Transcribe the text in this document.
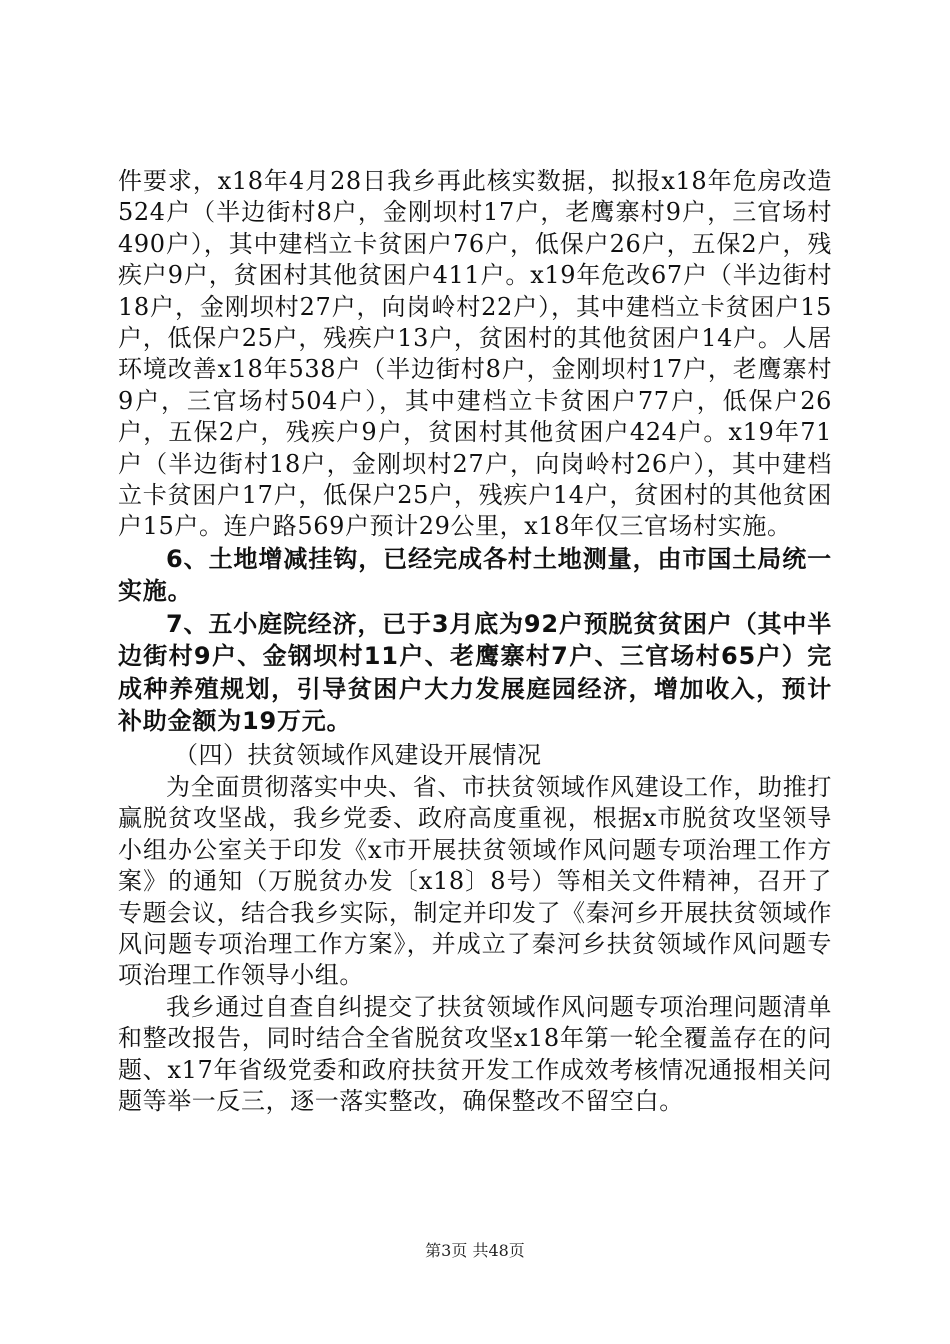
件要求，x18年4月28日我乡再此核实数据，拟报x18年危房改造524户（半边街村8户，金刚坝村17户，老鹰寨村9户，三官场村490户），其中建档立卡贫困户76户，低保户26户，五保2户，残疾户9户，贫困村其他贫困户411户。x19年危改67户（半边街村18户，金刚坝村27户，向岗岭村22户），其中建档立卡贫困户15户，低保户25户，残疾户13户，贫困村的其他贫困户14户。人居环境改善x18年538户（半边街村8户，金刚坝村17户，老鹰寨村9户，三官场村504户），其中建档立卡贫困户77户，低保户26户，五保2户，残疾户9户，贫困村其他贫困户424户。x19年71户（半边街村18户，金刚坝村27户，向岗岭村26户），其中建档立卡贫困户17户，低保户25户，残疾户14户，贫困村的其他贫困户15户。连户路569户预计29公里，x18年仅三官场村实施。

6、土地增减挂钩，已经完成各村土地测量，由市国土局统一实施。

7、五小庭院经济，已于3月底为92户预脱贫贫困户（其中半边街村9户、金钢坝村11户、老鹰寨村7户、三官场村65户）完成种养殖规划，引导贫困户大力发展庭园经济，增加收入，预计补助金额为19万元。

（四）扶贫领域作风建设开展情况

为全面贯彻落实中央、省、市扶贫领域作风建设工作，助推打赢脱贫攻坚战，我乡党委、政府高度重视，根据x市脱贫攻坚领导小组办公室关于印发《x市开展扶贫领域作风问题专项治理工作方案》的通知（万脱贫办发〔x18〕8号）等相关文件精神，召开了专题会议，结合我乡实际，制定并印发了《秦河乡开展扶贫领域作风问题专项治理工作方案》，并成立了秦河乡扶贫领域作风问题专项治理工作领导小组。

我乡通过自查自纠提交了扶贫领域作风问题专项治理问题清单和整改报告，同时结合全省脱贫攻坚x18年第一轮全覆盖存在的问题、x17年省级党委和政府扶贫开发工作成效考核情况通报相关问题等举一反三，逐一落实整改，确保整改不留空白。

第3页 共48页
